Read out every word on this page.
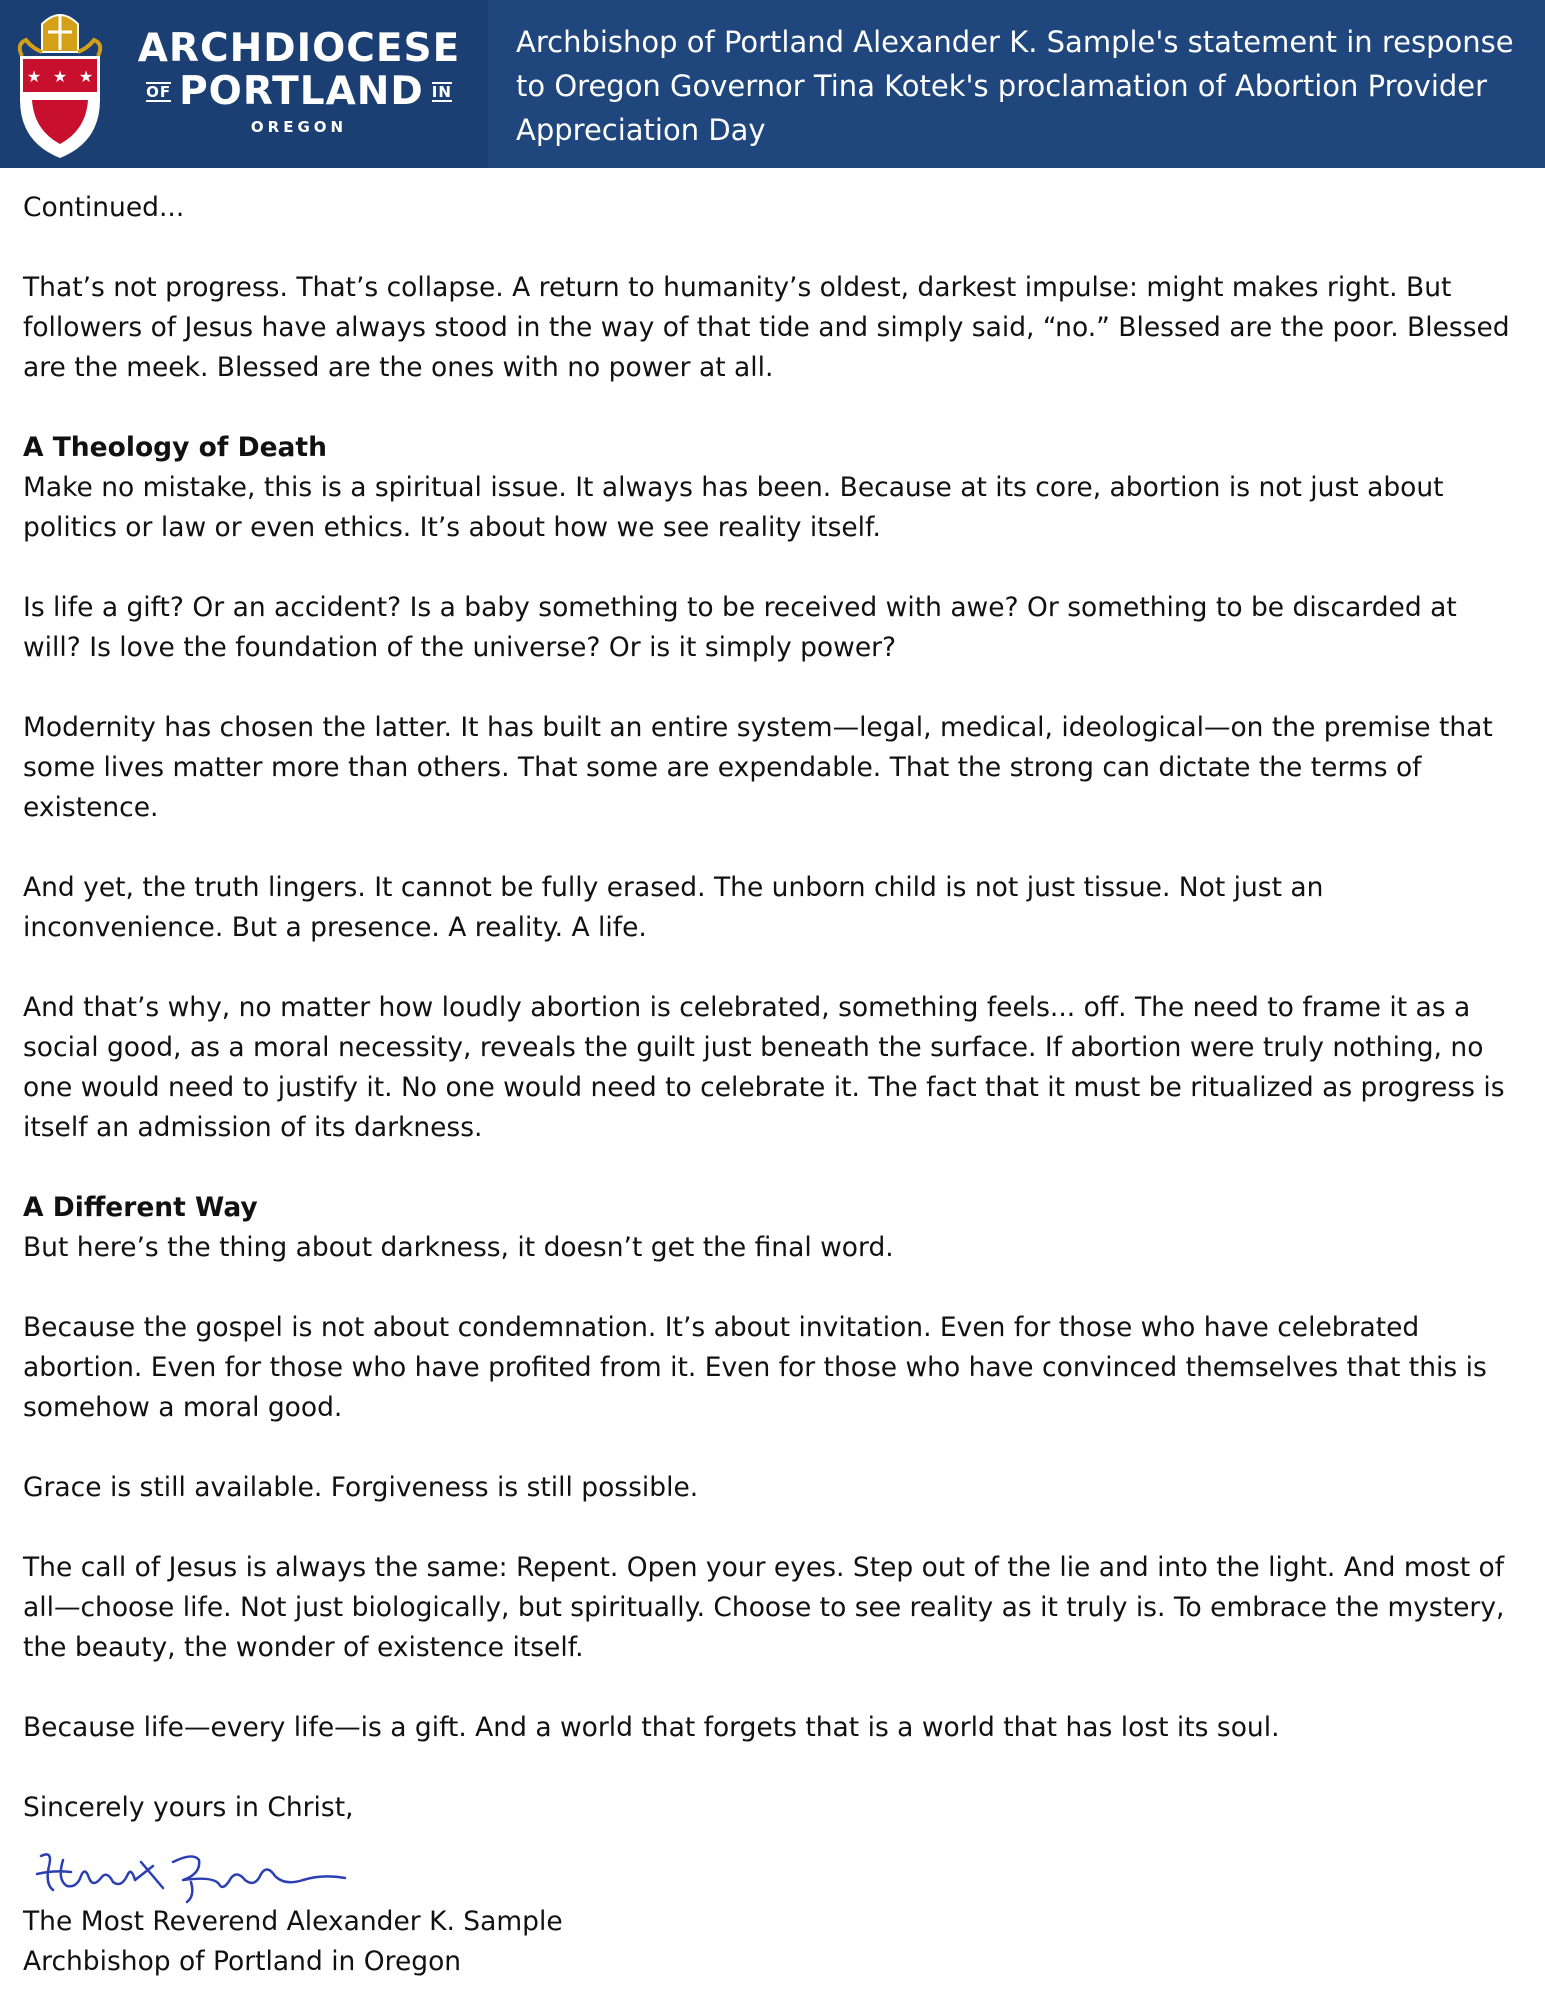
★ ★ ★
ARCHDIOCESE
OF PORTLAND IN
OREGON
Archbishop of Portland Alexander K. Sample's statement in response to Oregon Governor Tina Kotek's proclamation of Abortion Provider Appreciation Day

Continued...

That’s not progress. That’s collapse. A return to humanity’s oldest, darkest impulse: might makes right. But followers of Jesus have always stood in the way of that tide and simply said, “no.” Blessed are the poor. Blessed are the meek. Blessed are the ones with no power at all.

A Theology of Death

Make no mistake, this is a spiritual issue. It always has been. Because at its core, abortion is not just about politics or law or even ethics. It’s about how we see reality itself.

Is life a gift? Or an accident? Is a baby something to be received with awe? Or something to be discarded at will? Is love the foundation of the universe? Or is it simply power?

Modernity has chosen the latter. It has built an entire system—legal, medical, ideological—on the premise that some lives matter more than others. That some are expendable. That the strong can dictate the terms of existence.

And yet, the truth lingers. It cannot be fully erased. The unborn child is not just tissue. Not just an inconvenience. But a presence. A reality. A life.

And that’s why, no matter how loudly abortion is celebrated, something feels... off. The need to frame it as a social good, as a moral necessity, reveals the guilt just beneath the surface. If abortion were truly nothing, no one would need to justify it. No one would need to celebrate it. The fact that it must be ritualized as progress is itself an admission of its darkness.

A Different Way

But here’s the thing about darkness, it doesn’t get the final word.

Because the gospel is not about condemnation. It’s about invitation. Even for those who have celebrated abortion. Even for those who have profited from it. Even for those who have convinced themselves that this is somehow a moral good.

Grace is still available. Forgiveness is still possible.

The call of Jesus is always the same: Repent. Open your eyes. Step out of the lie and into the light. And most of all—choose life. Not just biologically, but spiritually. Choose to see reality as it truly is. To embrace the mystery, the beauty, the wonder of existence itself.

Because life—every life—is a gift. And a world that forgets that is a world that has lost its soul.

Sincerely yours in Christ,

The Most Reverend Alexander K. Sample

Archbishop of Portland in Oregon
